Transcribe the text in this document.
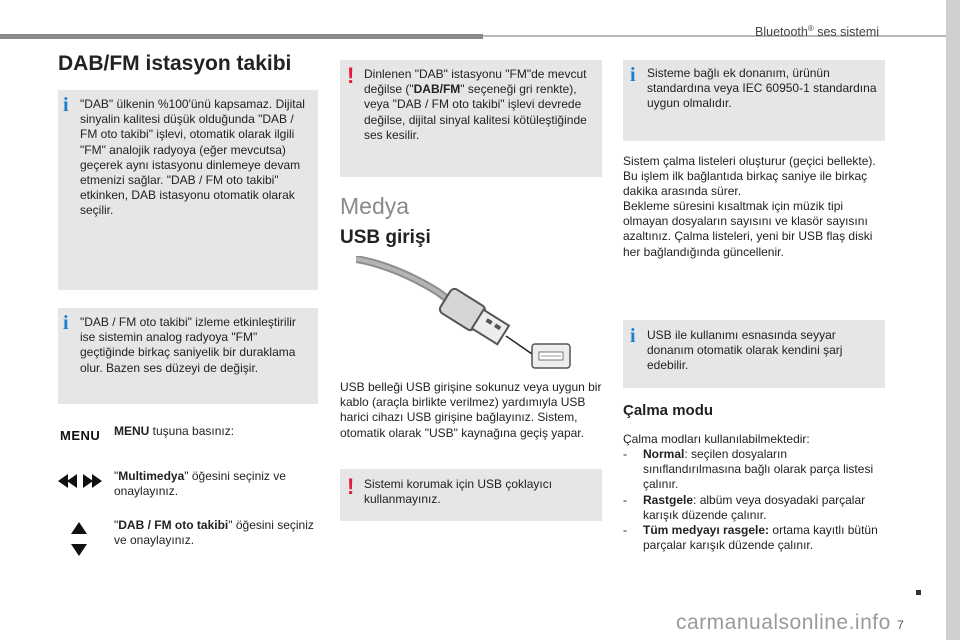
Bluetooth® ses sistemi
DAB/FM istasyon takibi
i "DAB" ülkenin %100'ünü kapsamaz. Dijital sinyalin kalitesi düşük olduğunda "DAB / FM oto takibi" işlevi, otomatik olarak ilgili "FM" analojik radyoya (eğer mevcutsa) geçerek aynı istasyonu dinlemeye devam etmenizi sağlar. "DAB / FM oto takibi" etkinken, DAB istasyonu otomatik olarak seçilir.

i "DAB / FM oto takibi" izleme etkinleştirilir ise sistemin analog radyoya "FM" geçtiğinde birkaç saniyelik bir duraklama olur. Bazen ses düzeyi de değişir.

MENU MENU tuşuna basınız:

"Multimedya" öğesini seçiniz ve onaylayınız.

"DAB / FM oto takibi" öğesini seçiniz ve onaylayınız.

! Dinlenen "DAB" istasyonu "FM"de mevcut değilse ("DAB/FM" seçeneği gri renkte), veya "DAB / FM oto takibi" işlevi devrede değilse, dijital sinyal kalitesi kötüleştiğinde ses kesilir.

Medya
USB girişi

USB belleği USB girişine sokunuz veya uygun bir kablo (araçla birlikte verilmez) yardımıyla USB harici cihazı USB girişine bağlayınız. Sistem, otomatik olarak "USB" kaynağına geçiş yapar.

! Sistemi korumak için USB çoklayıcı kullanmayınız.

i Sisteme bağlı ek donanım, ürünün standardına veya IEC 60950-1 standardına uygun olmalıdır.

Sistem çalma listeleri oluşturur (geçici bellekte). Bu işlem ilk bağlantıda birkaç saniye ile birkaç dakika arasında sürer.

Bekleme süresini kısaltmak için müzik tipi olmayan dosyaların sayısını ve klasör sayısını azaltınız. Çalma listeleri, yeni bir USB flaş diski her bağlandığında güncellenir.

i USB ile kullanımı esnasında seyyar donanım otomatik olarak kendini şarj edebilir.

Çalma modu

Çalma modları kullanılabilmektedir:

- Normal: seçilen dosyaların sınıflandırılmasına bağlı olarak parça listesi çalınır.
- Rastgele: albüm veya dosyadaki parçalar karışık düzende çalınır.
- Tüm medyayı rasgele: ortama kayıtlı bütün parçalar karışık düzende çalınır.
carmanualsonline.info 7
